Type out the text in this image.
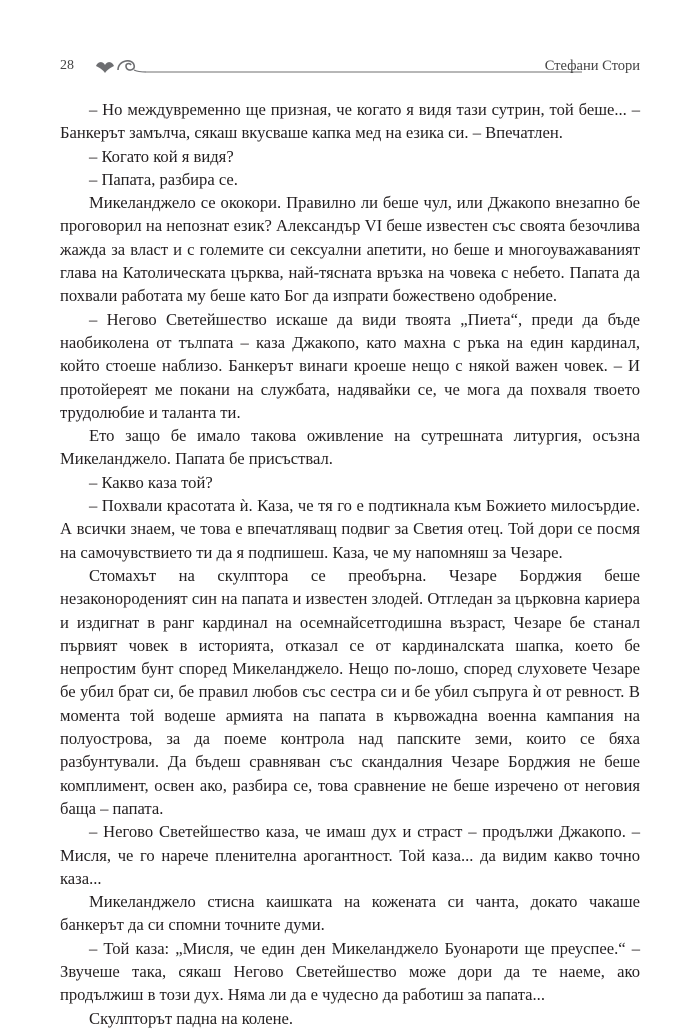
28	Стефани Стори

– Но междувременно ще призная, че когато я видя тази сутрин, той беше... – Банкерът замълча, сякаш вкусваше капка мед на езика си. – Впечатлен.

– Когато кой я видя?

– Папата, разбира се.

Микеланджело се ококори. Правилно ли беше чул, или Джакопо внезапно бе проговорил на непознат език? Александър VI беше известен със своята безочлива жажда за власт и с големите си сексуални апетити, но беше и многоуважаваният глава на Католическата църква, най-тясната връзка на човека с небето. Папата да похвали работата му беше като Бог да изпрати божествено одобрение.

– Негово Светейшество искаше да види твоята „Пиета“, преди да бъде нaобиколена от тълпата – каза Джакопо, като махна с ръка на един кардинал, който стоеше наблизо. Банкерът винаги кроеше нещо с някой важен човек. – И протойереят ме покани на службата, надявайки се, че мога да похваля твоето трудолюбие и таланта ти.

Ето защо бе имало такова оживление на сутрешната литургия, осъзна Микеланджело. Папата бе присъствал.

– Какво каза той?

– Похвали красотата ѝ. Каза, че тя го е подтикнала към Божието милосърдие. А всички знаем, че това е впечатляващ подвиг за Светия отец. Той дори се посмя на самочувствието ти да я подпишеш. Каза, че му напомняш за Чезаре.

Стомахът на скулптора се преобърна. Чезаре Борджия беше незаконороденият син на папата и известен злодей. Отгледан за църковна кариера и издигнат в ранг кардинал на осемнайсетгодишна възраст, Чезаре бе станал първият човек в историята, отказал се от кардиналската шапка, което бе непростим бунт според Микеланджело. Нещо по-лошо, според слуховете Чезаре бе убил брат си, бе правил любов със сестра си и бе убил съпруга ѝ от ревност. В момента той водеше армията на папата в кървожадна военна кампания на полуострова, за да поеме контрола над папските земи, които се бяха разбунтували. Да бъдеш сравняван със скандалния Чезаре Борджия не беше комплимент, освен ако, разбира се, това сравнение не беше изречено от неговия баща – папата.

– Негово Светейшество каза, че имаш дух и страст – продължи Джакопо. – Мисля, че го нарече пленителна арогантност. Той каза... да видим какво точно каза...

Микеланджело стисна каишката на кожената си чанта, докато чакаше банкерът да си спомни точните думи.

– Той каза: „Мисля, че един ден Микеланджело Буонароти ще преуспее.“ – Звучеше така, сякаш Негово Светейшество може дори да те наеме, ако продължиш в този дух. Няма ли да е чудесно да работиш за папата...

Скулпторът падна на колене.
